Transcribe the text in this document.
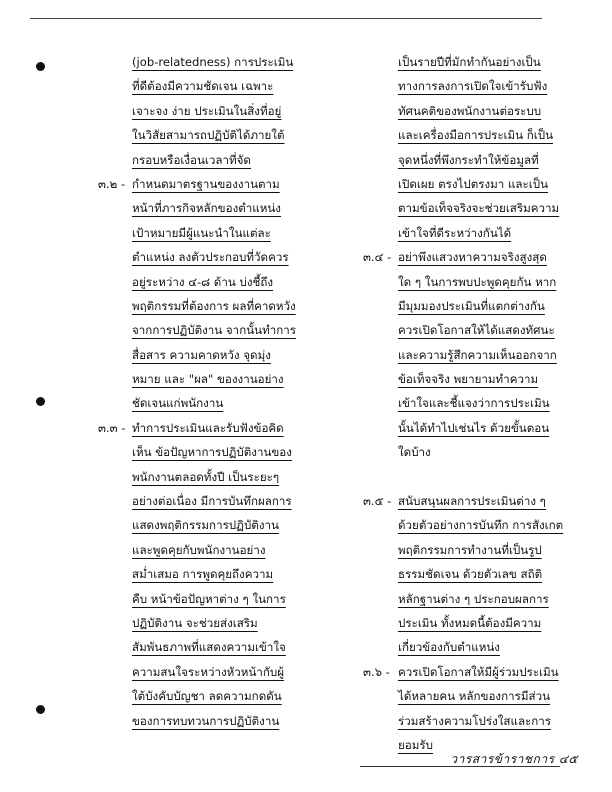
(job-relatedness) การประเมิน
ที่ดีต้องมีความชัดเจน เฉพาะ
เจาะจง ง่าย ประเมินในสิ่งที่อยู่
ในวิสัยสามารถปฏิบัติได้ภายใต้
กรอบหรือเงื่อนเวลาที่จัด
๓.๒ - กำหนดมาตรฐานของงานตาม
หน้าที่ภารกิจหลักของตำแหน่ง
เป้าหมายมีผู้แนะนำในแต่ละ
ตำแหน่ง ลงตัวประกอบที่วัดควร
อยู่ระหว่าง ๔-๘ ด้าน บ่งชี้ถึง
พฤติกรรมที่ต้องการ ผลที่คาดหวัง
จากการปฏิบัติงาน จากนั้นทำการ
สื่อสาร ความคาดหวัง จุดมุ่ง
หมาย และ "ผล" ของงานอย่าง
ชัดเจนแก่พนักงาน
๓.๓ - ทำการประเมินและรับฟังข้อคิด
เห็น ข้อปัญหาการปฏิบัติงานของ
พนักงานตลอดทั้งปี เป็นระยะๆ
อย่างต่อเนื่อง มีการบันทึกผลการ
แสดงพฤติกรรมการปฏิบัติงาน
และพูดคุยกับพนักงานอย่าง
สม่ำเสมอ การพูดคุยถึงความ
คืบ หน้าข้อปัญหาต่าง ๆ ในการ
ปฏิบัติงาน จะช่วยส่งเสริม
สัมพันธภาพที่แสดงความเข้าใจ
ความสนใจระหว่างหัวหน้ากับผู้
ใต้บังคับบัญชา ลดความกดดัน
ของการทบทวนการปฏิบัติงาน
เป็นรายปีที่มักทำกันอย่างเป็น
ทางการลงการเปิดใจเข้ารับฟัง
ทัศนคติของพนักงานต่อระบบ
และเครื่องมือการประเมิน ก็เป็น
จุดหนึ่งที่พึงกระทำให้ข้อมูลที่
เปิดเผย ตรงไปตรงมา และเป็น
ตามข้อเท็จจริงจะช่วยเสริมความ
เข้าใจที่ดีระหว่างกันได้
๓.๔ - อย่าพึงแสวงหาความจริงสูงสุด
ใด ๆ ในการพบปะพูดคุยกัน หาก
มีมุมมองประเมินที่แตกต่างกัน
ควรเปิดโอกาสให้ได้แสดงทัศนะ
และความรู้สึกความเห็นออกจาก
ข้อเท็จจริง พยายามทำความ
เข้าใจและชี้แจงว่าการประเมิน
นั้นได้ทำไปเช่นไร ด้วยขั้นตอน
ใดบ้าง
๓.๕ - สนับสนุนผลการประเมินต่าง ๆ
ด้วยตัวอย่างการบันทึก การสังเกต
พฤติกรรมการทำงานที่เป็นรูป
ธรรมชัดเจน ด้วยตัวเลข สถิติ
หลักฐานต่าง ๆ ประกอบผลการ
ประเมิน ทั้งหมดนี้ต้องมีความ
เกี่ยวข้องกับตำแหน่ง
๓.๖ - ควรเปิดโอกาสให้มีผู้ร่วมประเมิน
ได้หลายคน หลักของการมีส่วน
ร่วมสร้างความโปร่งใสและการ
ยอมรับ
วารสารข้าราชการ ๔๕
